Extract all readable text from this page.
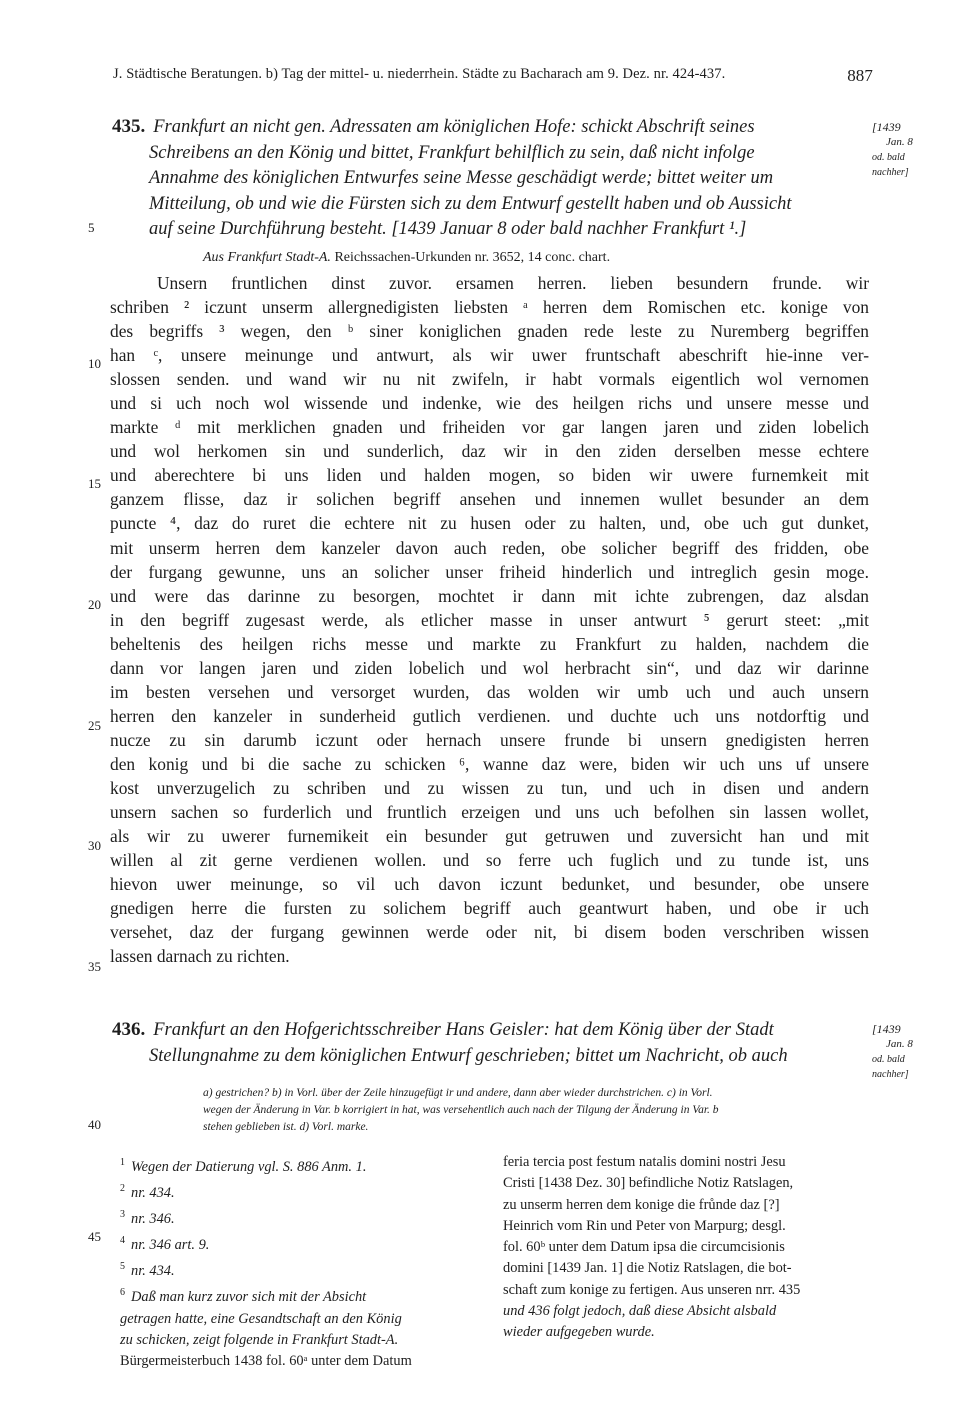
J. Städtische Beratungen. b) Tag der mittel- u. niederrhein. Städte zu Bacharach am 9. Dez. nr. 424-437.	887
5
10
15
20
25
30
35
40
45
435. Frankfurt an nicht gen. Adressaten am königlichen Hofe: schickt Abschrift seines
Schreibens an den König und bittet, Frankfurt behilflich zu sein, daß nicht infolge
Annahme des königlichen Entwurfes seine Messe geschädigt werde; bittet weiter um
Mitteilung, ob und wie die Fürsten sich zu dem Entwurf gestellt haben und ob Aussicht
auf seine Durchführung besteht. [1439 Januar 8 oder bald nachher Frankfurt ¹.]
[1439
Jan. 8
od. bald
nachher]
Aus Frankfurt Stadt-A. Reichssachen-Urkunden nr. 3652, 14 conc. chart.
Unsern fruntlichen dinst zuvor. ersamen herren. lieben besundern frunde. wir
schriben ² iczunt unserm allergnedigisten liebsten ᵃ herren dem Romischen etc. konige von
des begriffs ³ wegen, den ᵇ siner koniglichen gnaden rede leste zu Nuremberg begriffen
han ᶜ, unsere meinunge und antwurt, als wir uwer fruntschaft abeschrift hie-inne ver-
slossen senden. und wand wir nu nit zwifeln, ir habt vormals eigentlich wol vernomen
und si uch noch wol wissende und indenke, wie des heilgen richs und unsere messe und
markte ᵈ mit merklichen gnaden und friheiden vor gar langen jaren und ziden lobelich
und wol herkomen sin und sunderlich, daz wir in den ziden derselben messe echtere
und aberechtere bi uns liden und halden mogen, so biden wir uwere furnemkeit mit
ganzem flisse, daz ir solichen begriff ansehen und innemen wullet besunder an dem
puncte ⁴, daz do ruret die echtere nit zu husen oder zu halten, und, obe uch gut dunket,
mit unserm herren dem kanzeler davon auch reden, obe solicher begriff des fridden, obe
der furgang gewunne, uns an solicher unser friheid hinderlich und intreglich gesin moge.
und were das darinne zu besorgen, mochtet ir dann mit ichte zubrengen, daz alsdan
in den begriff zugesast werde, als etlicher masse in unser antwurt ⁵ gerurt steet: „mit
beheltenis des heilgen richs messe und markte zu Frankfurt zu halden, nachdem die
dann vor langen jaren und ziden lobelich und wol herbracht sin“, und daz wir darinne
im besten versehen und versorget wurden, das wolden wir umb uch und auch unsern
herren den kanzeler in sunderheid gutlich verdienen. und duchte uch uns notdorftig und
nucze zu sin darumb iczunt oder hernach unsere frunde bi unsern gnedigisten herren
den konig und bi die sache zu schicken ⁶, wanne daz were, biden wir uch uns uf unsere
kost unverzugelich zu schriben und zu wissen zu tun, und uch in disen und andern
unsern sachen so furderlich und fruntlich erzeigen und uns uch befolhen sin lassen wollet,
als wir zu uwerer furnemikeit ein besunder gut getruwen und zuversicht han und mit
willen al zit gerne verdienen wollen. und so ferre uch fuglich und zu tunde ist, uns
hievon uwer meinunge, so vil uch davon iczunt bedunket, und besunder, obe unsere
gnedigen herre die fursten zu solichem begriff auch geantwurt haben, und obe ir uch
versehet, daz der furgang gewinnen werde oder nit, bi disem boden verschriben wissen
lassen darnach zu richten.
436. Frankfurt an den Hofgerichtsschreiber Hans Geisler: hat dem König über der Stadt
Stellungnahme zu dem königlichen Entwurf geschrieben; bittet um Nachricht, ob auch
[1439
Jan. 8
od. bald
nachher]
a) gestrichen? b) in Vorl. über der Zeile hinzugefügt ir und andere, dann aber wieder durchstrichen. c) in Vorl.
wegen der Änderung in Var. b korrigiert in hat, was versehentlich auch nach der Tilgung der Änderung in Var. b
stehen geblieben ist. d) Vorl. marke.
$^1$ Wegen der Datierung vgl. S. 886 Anm. 1.
$^2$ nr. 434.
$^3$ nr. 346.
$^4$ nr. 346 art. 9.
$^5$ nr. 434.
$^6$ Daß man kurz zuvor sich mit der Absicht
getragen hatte, eine Gesandtschaft an den König
zu schicken, zeigt folgende in Frankfurt Stadt-A.
Bürgermeisterbuch 1438 fol. 60ᵃ unter dem Datum
feria tercia post festum natalis domini nostri Jesu
Cristi [1438 Dez. 30] befindliche Notiz Ratslagen,
zu unserm herren dem konige die frůnde daz [?]
Heinrich vom Rin und Peter von Marpurg; desgl.
fol. 60ᵇ unter dem Datum ipsa die circumcisionis
domini [1439 Jan. 1] die Notiz Ratslagen, die bot-
schaft zum konige zu fertigen. Aus unseren nrr. 435
und 436 folgt jedoch, daß diese Absicht alsbald
wieder aufgegeben wurde.
